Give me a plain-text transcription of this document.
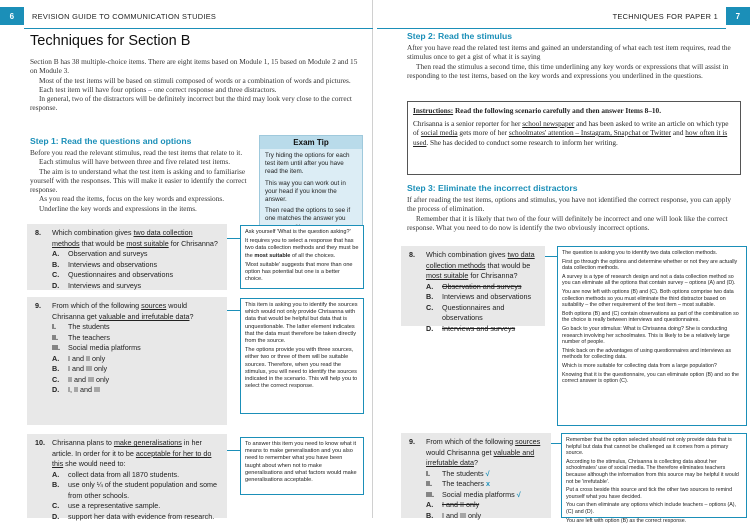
6	REVISION GUIDE TO COMMUNICATION STUDIES
Techniques for Section B

Section B has 38 multiple-choice items. There are eight items based on Module 1, 15 based on Module 2 and 15 on Module 3.

Most of the test items will be based on stimuli composed of words or a combination of words and pictures.

Each test item will have four options – one correct response and three distractors.

In general, two of the distractors will be definitely incorrect but the third may look very close to the correct response.

Step 1: Read the questions and options

Before you read the relevant stimulus, read the test items that relate to it.

Each stimulus will have between three and five related test items.

The aim is to understand what the test item is asking and to familiarise yourself with the responses. This will make it easier to identify the correct response.

As you read the items, focus on the key words and expressions.

Underline the key words and expressions in the items.

Exam Tip

Try hiding the options for each test item until after you have read the item.

This way you can work out in your head if you know the answer.

Then read the options to see if one matches the answer you

8.	Which combination gives two data collection methods that would be most suitable for Chrisanna?
A.	Observation and surveys
B.	Interviews and observations
C.	Questionnaires and observations
D.	Interviews and surveys

Ask yourself 'What is the question asking?'

It requires you to select a response that has two data collection methods and they must be the most suitable of all the choices.

'Most suitable' suggests that more than one option has potential but one is a better choice.

9.	From which of the following sources would Chrisanna get valuable and irrefutable data?
I.	The students
II.	The teachers
III.	Social media platforms
A.	I and II only
B.	I and III only
C.	II and III only
D.	I, II and III

This item is asking you to identify the sources which would not only provide Chrisanna with data that would be helpful but data that is unquestionable. The latter element indicates that the data must therefore be taken directly from the source.

The options provide you with three sources, either two or three of them will be suitable sources. Therefore, when you read the stimulus, you will need to identify the sources indicated in the scenario. This will help you to select the correct response.

10. Chrisanna plans to make generalisations in her article. In order for it to be acceptable for her to do this she would need to:
A.	collect data from all 1870 students.
B.	use only ¼ of the student population and some from other schools.
C.	use a representative sample.
D.	support her data with evidence from research.
To answer this item you need to know what it means to make generalisation and you also need to remember what you have been taught about when not to make generalisations and what factors would make generalisations acceptable.
TECHNIQUES FOR PAPER 1	7
Step 2: Read the stimulus

After you have read the related test items and gained an understanding of what each test item requires, read the stimulus once to get a gist of what it is saying

Then read the stimulus a second time, this time underlining any key words or expressions that will assist in responding to the test items, based on the key words and expressions you underlined in the questions.

Instructions: Read the following scenario carefully and then answer Items 8–10.
Chrisanna is a senior reporter for her school newspaper and has been asked to write an article on which type of social media gets more of her schoolmates' attention – Instagram, Snapchat or Twitter and how often it is used. She has decided to conduct some research to inform her writing.
Step 3: Eliminate the incorrect distractors

If after reading the test items, options and stimulus, you have not identified the correct response, you can apply the process of elimination.

Remember that it is likely that two of the four will definitely be incorrect and one will look like the correct response. What you need to do now is identify the two obviously incorrect options.

8.	Which combination gives two data collection methods that would be most suitable for Chrisanna?
A.	Observation and surveys
B.	Interviews and observations
C.	Questionnaires and observations
D.	Interviews and surveys

The question is asking you to identify two data collection methods.

First go through the options and determine whether or not they are actually data collection methods.

A survey is a type of research design and not a data collection method so you can eliminate all the options that contain survey – options (A) and (D).

You are now left with options (B) and (C). Both options comprise two data collection methods so you must eliminate the third distractor based on suitability – the other requirement of the test item – most suitable.

Both options (B) and (C) contain observations as part of the combination so the choice is really between interviews and questionnaires.

Go back to your stimulus: What is Chrisanna doing? She is conducting research involving her schoolmates. This is likely to be a relatively large number of people.

Think back on the advantages of using questionnaires and interviews as methods for collecting data.

Which is more suitable for collecting data from a large population?

Knowing that it is the questionnaire, you can eliminate option (B) and so the correct answer is option (C).

9.	From which of the following sources would Chrisanna get valuable and irrefutable data?
I.	The students
√
II.	The teachers
x
III.	Social media platforms
√
A.	I and II only
B.	I and III only

Remember that the option selected should not only provide data that is helpful but data that cannot be challenged as it comes from a primary source.

According to the stimulus, Chrisanna is collecting data about her schoolmates' use of social media. The therefore eliminates teachers because although the information from this source may be helpful it would not be 'irrefutable'.

Put a cross beside this source and tick the other two sources to remind yourself what you have decided.

You can then eliminate any options which include teachers – options (A), (C) and (D).

You are left with option (B) as the correct response.
